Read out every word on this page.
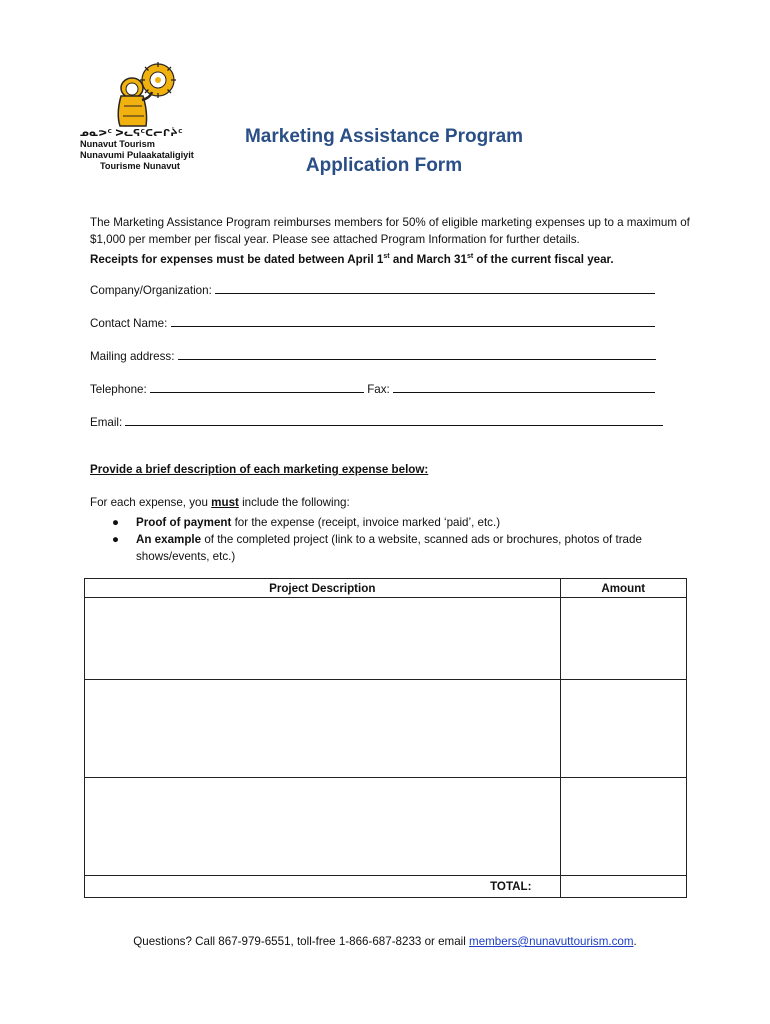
ᓄᓇᕗᑦ ᐳᓚᕋᑦᑕᓕᒋᔩᑦ
Nunavut Tourism
Nunavumi Pulaakataligiyit
Tourisme Nunavut
Marketing Assistance Program
Application Form
The Marketing Assistance Program reimburses members for 50% of eligible marketing expenses up to a maximum of $1,000 per member per fiscal year. Please see attached Program Information for further details.
Receipts for expenses must be dated between April 1st and March 31st of the current fiscal year.
Company/Organization:
Contact Name:
Mailing address:
Telephone:	Fax:
Email:
Provide a brief description of each marketing expense below:
For each expense, you must include the following:
● Proof of payment for the expense (receipt, invoice marked ‘paid’, etc.)
● An example of the completed project (link to a website, scanned ads or brochures, photos of trade shows/events, etc.)
Project Description	Amount

TOTAL:	
Questions? Call 867-979-6551, toll-free 1-866-687-8233 or email members@nunavuttourism.com.
